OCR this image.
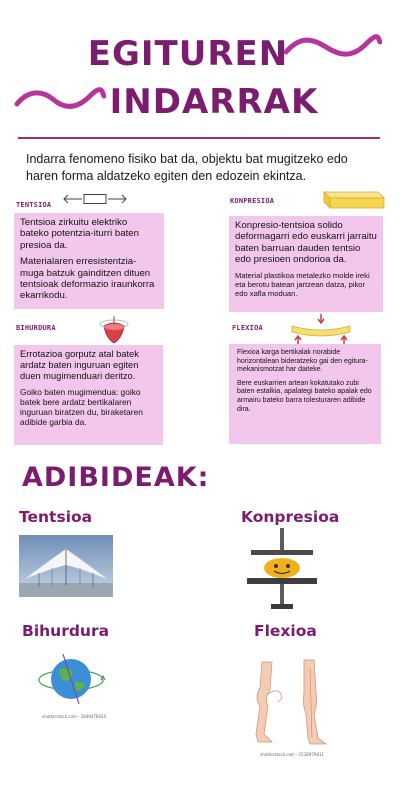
EGITUREN
INDARRAK
Indarra fenomeno fisiko bat da, objektu bat mugitzeko edo haren forma aldatzeko egiten den edozein ekintza.
TENTSIOA

Tentsioa zirkuitu elektriko bateko potentzia-iturri baten presioa da.

Materialaren erresistentzia-muga batzuk gainditzen dituen tentsioak deformazio iraunkorra ekarrikodu.

KONPRESIOA

Konpresio-tentsioa solido deformagarri edo euskarri jarraitu baten barruan dauden tentsio edo presioen ondorioa da.

Material plastikoa metalezko molde ireki eta berotu batean jartzean datza, pikor edo xafla moduan.

BIHURDURA

Errotazioa gorputz atal batek ardatz baten inguruan egiten duen mugimenduari deritzo.

Goiko baten mugimendua: goiko batek bere ardatz bertikalaren inguruan biratzen du, biraketaren adibide garbia da.

FLEXIOA

Flexioa karga bertikalak norabide horizontalean bideratzeko gai den egitura-mekanismotzat har daiteke.

Bere euskarrien artean kokatutako zubi baten estalkia, apalategi bateko apalak edo armairu bateko barra tolesturaren adibide dira.

ADIBIDEAK:
Tentsioa	Konpresioa
Bihurdura
shutterstock.com · 1849476624
Flexioa
shutterstock.com · 1536979811
